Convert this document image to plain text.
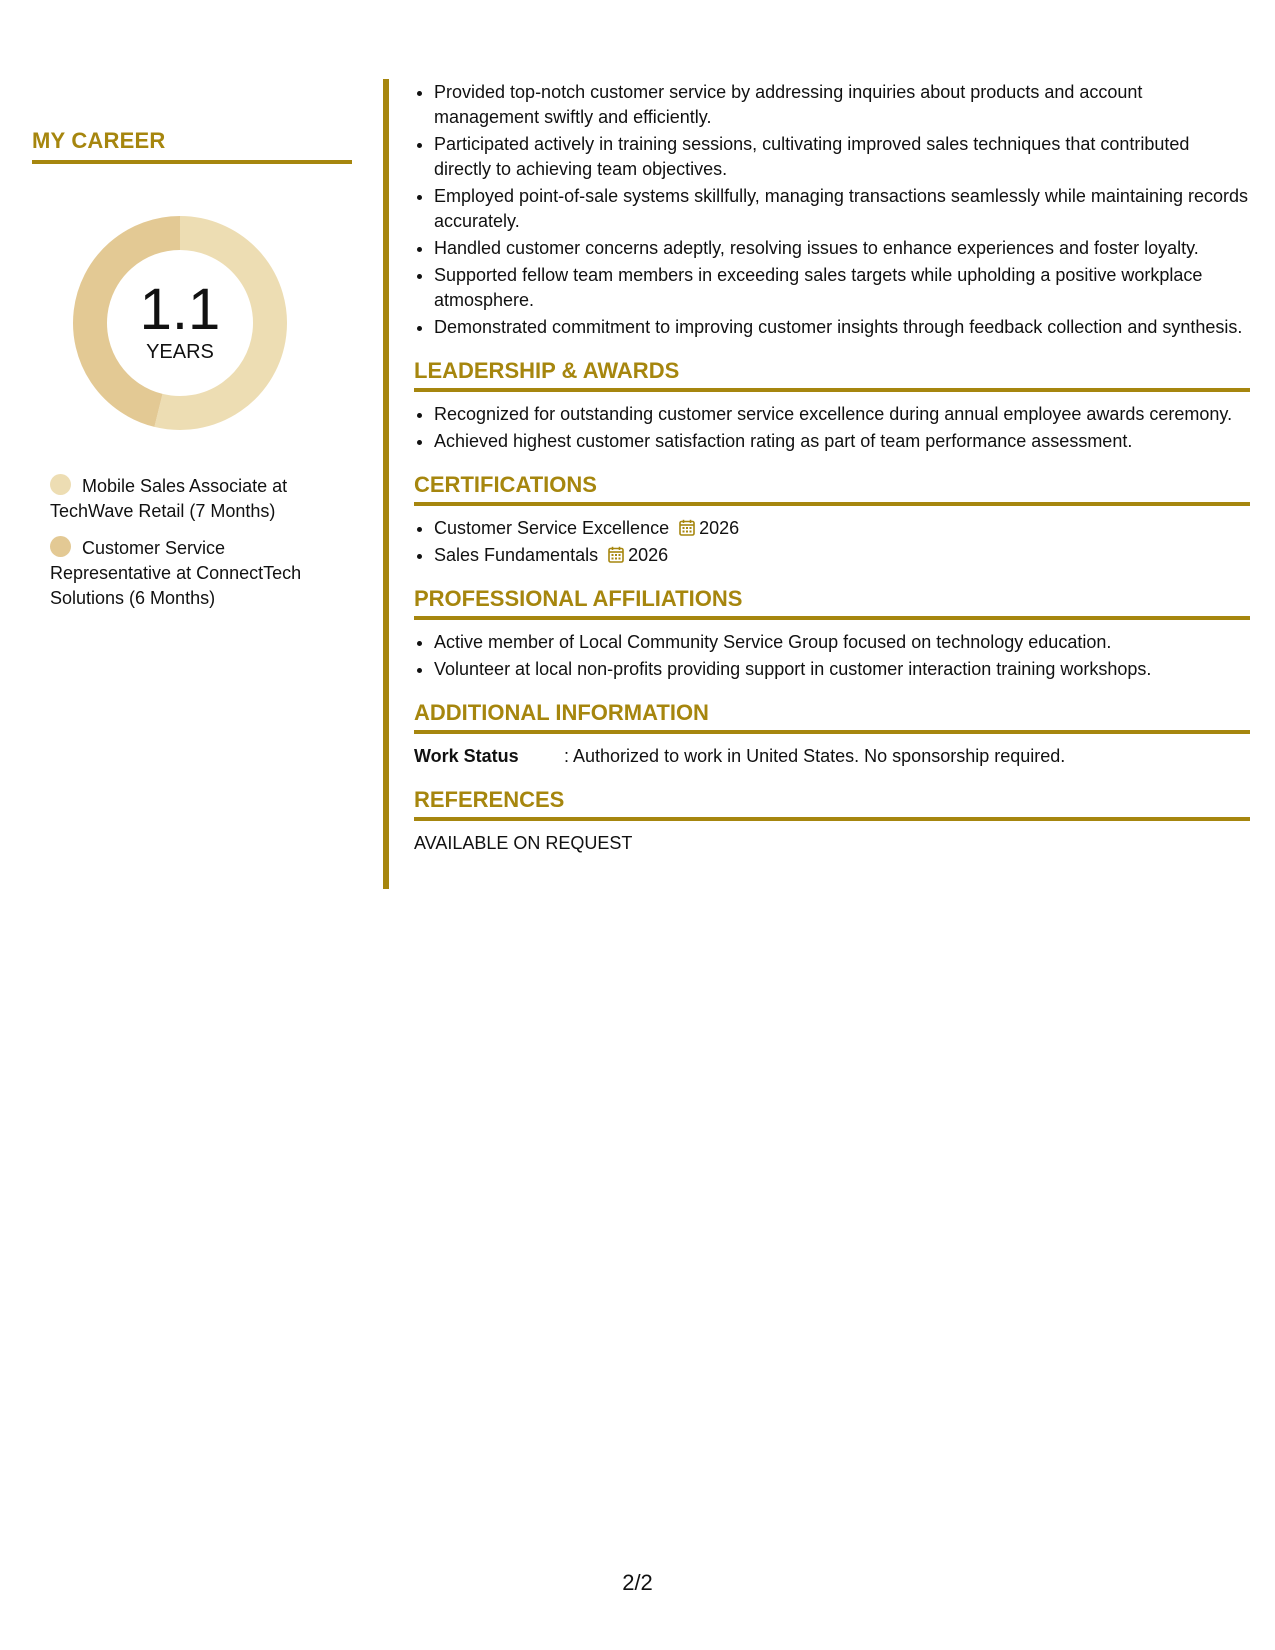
MY CAREER
1.1
YEARS
Mobile Sales Associate at TechWave Retail (7 Months)
Customer Service Representative at ConnectTech Solutions (6 Months)
• Provided top-notch customer service by addressing inquiries about products and account management swiftly and efficiently.
• Participated actively in training sessions, cultivating improved sales techniques that contributed directly to achieving team objectives.
• Employed point-of-sale systems skillfully, managing transactions seamlessly while maintaining records accurately.
• Handled customer concerns adeptly, resolving issues to enhance experiences and foster loyalty.
• Supported fellow team members in exceeding sales targets while upholding a positive workplace atmosphere.
• Demonstrated commitment to improving customer insights through feedback collection and synthesis.
LEADERSHIP & AWARDS
• Recognized for outstanding customer service excellence during annual employee awards ceremony.
• Achieved highest customer satisfaction rating as part of team performance assessment.
CERTIFICATIONS
• Customer Service Excellence 2026
• Sales Fundamentals 2026
PROFESSIONAL AFFILIATIONS
• Active member of Local Community Service Group focused on technology education.
• Volunteer at local non-profits providing support in customer interaction training workshops.
ADDITIONAL INFORMATION
Work Status	: Authorized to work in United States. No sponsorship required.
REFERENCES
AVAILABLE ON REQUEST
2/2
